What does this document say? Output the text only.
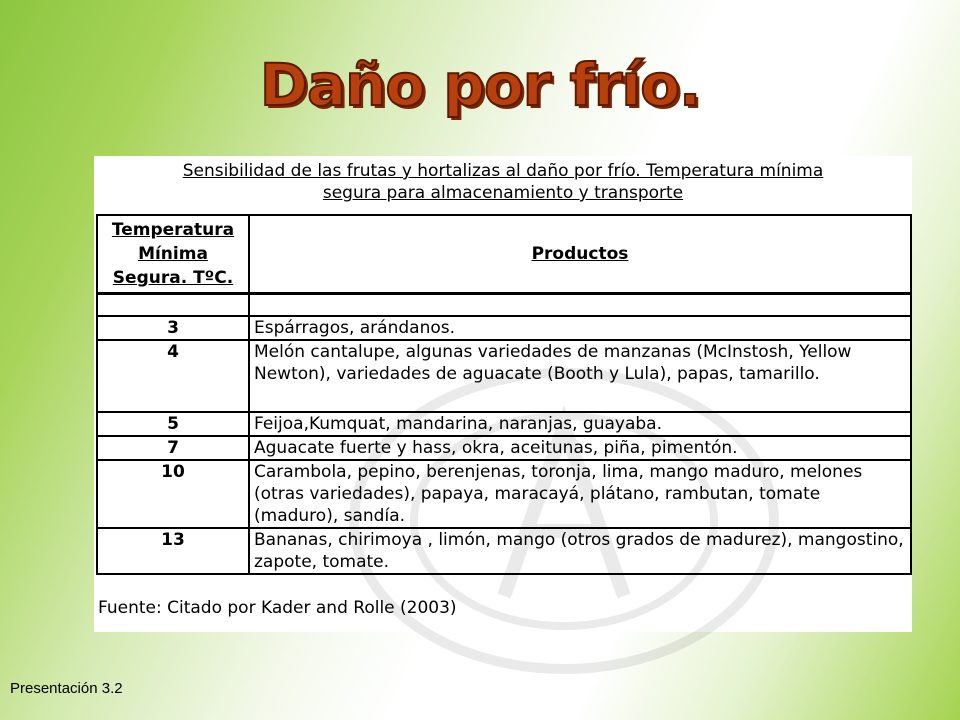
Daño por frío.
Sensibilidad de las frutas y hortalizas al daño por frío. Temperatura mínima
segura para almacenamiento y transporte
Temperatura
Mínima
Segura. TºC.	Productos

3	Espárragos, arándanos.
4	Melón cantalupe, algunas variedades de manzanas (McInstosh, Yellow Newton), variedades de aguacate (Booth y Lula), papas, tamarillo.
5	Feijoa,Kumquat, mandarina, naranjas, guayaba.
7	Aguacate fuerte y hass, okra, aceitunas, piña, pimentón.
10	Carambola, pepino, berenjenas, toronja, lima, mango maduro, melones (otras variedades), papaya, maracayá, plátano, rambutan, tomate (maduro), sandía.
13	Bananas, chirimoya , limón, mango (otros grados de madurez), mangostino, zapote, tomate.
Fuente: Citado por Kader and Rolle (2003)
Presentación 3.2
